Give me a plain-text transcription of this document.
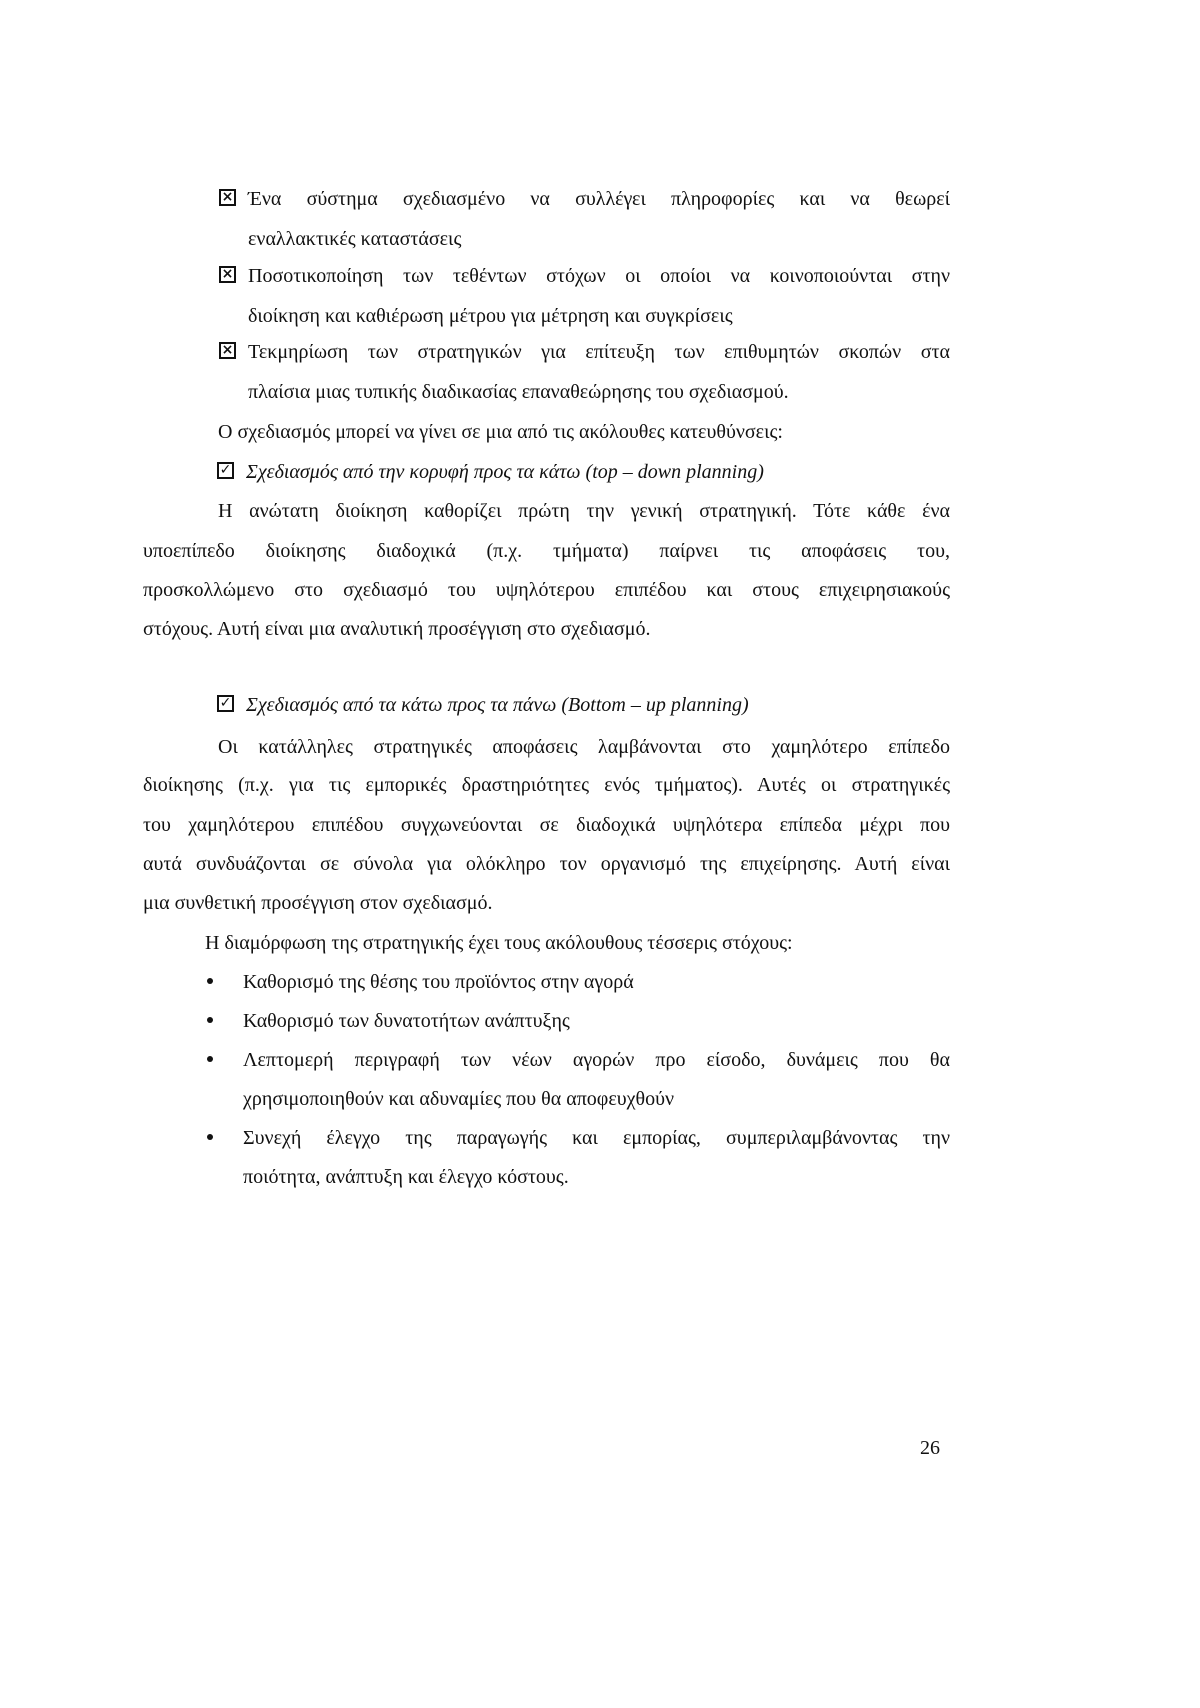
× Ένα σύστημα σχεδιασμένο να συλλέγει πληροφορίες και να θεωρεί
εναλλακτικές καταστάσεις
× Ποσοτικοποίηση των τεθέντων στόχων οι οποίοι να κοινοποιούνται στην
διοίκηση και καθιέρωση μέτρου για μέτρηση και συγκρίσεις
× Τεκμηρίωση των στρατηγικών για επίτευξη των επιθυμητών σκοπών στα
πλαίσια μιας τυπικής διαδικασίας επαναθεώρησης του σχεδιασμού.
Ο σχεδιασμός μπορεί να γίνει σε μια από τις ακόλουθες κατευθύνσεις:
✓ Σχεδιασμός από την κορυφή προς τα κάτω (top – down planning)
Η ανώτατη διοίκηση καθορίζει πρώτη την γενική στρατηγική. Τότε κάθε ένα
υποεπίπεδο διοίκησης διαδοχικά (π.χ. τμήματα) παίρνει τις αποφάσεις του,
προσκολλώμενο στο σχεδιασμό του υψηλότερου επιπέδου και στους επιχειρησιακούς
στόχους. Αυτή είναι μια αναλυτική προσέγγιση στο σχεδιασμό.
✓ Σχεδιασμός από τα κάτω προς τα πάνω (Bottom – up planning)
Οι κατάλληλες στρατηγικές αποφάσεις λαμβάνονται στο χαμηλότερο επίπεδο
διοίκησης (π.χ. για τις εμπορικές δραστηριότητες ενός τμήματος). Αυτές οι στρατηγικές
του χαμηλότερου επιπέδου συγχωνεύονται σε διαδοχικά υψηλότερα επίπεδα μέχρι που
αυτά συνδυάζονται σε σύνολα για ολόκληρο τον οργανισμό της επιχείρησης. Αυτή είναι
μια συνθετική προσέγγιση στον σχεδιασμό.
Η διαμόρφωση της στρατηγικής έχει τους ακόλουθους τέσσερις στόχους:
Καθορισμό της θέσης του προϊόντος στην αγορά
Καθορισμό των δυνατοτήτων ανάπτυξης
Λεπτομερή περιγραφή των νέων αγορών προ είσοδο, δυνάμεις που θα
χρησιμοποιηθούν και αδυναμίες που θα αποφευχθούν
Συνεχή έλεγχο της παραγωγής και εμπορίας, συμπεριλαμβάνοντας την
ποιότητα, ανάπτυξη και έλεγχο κόστους.
26
